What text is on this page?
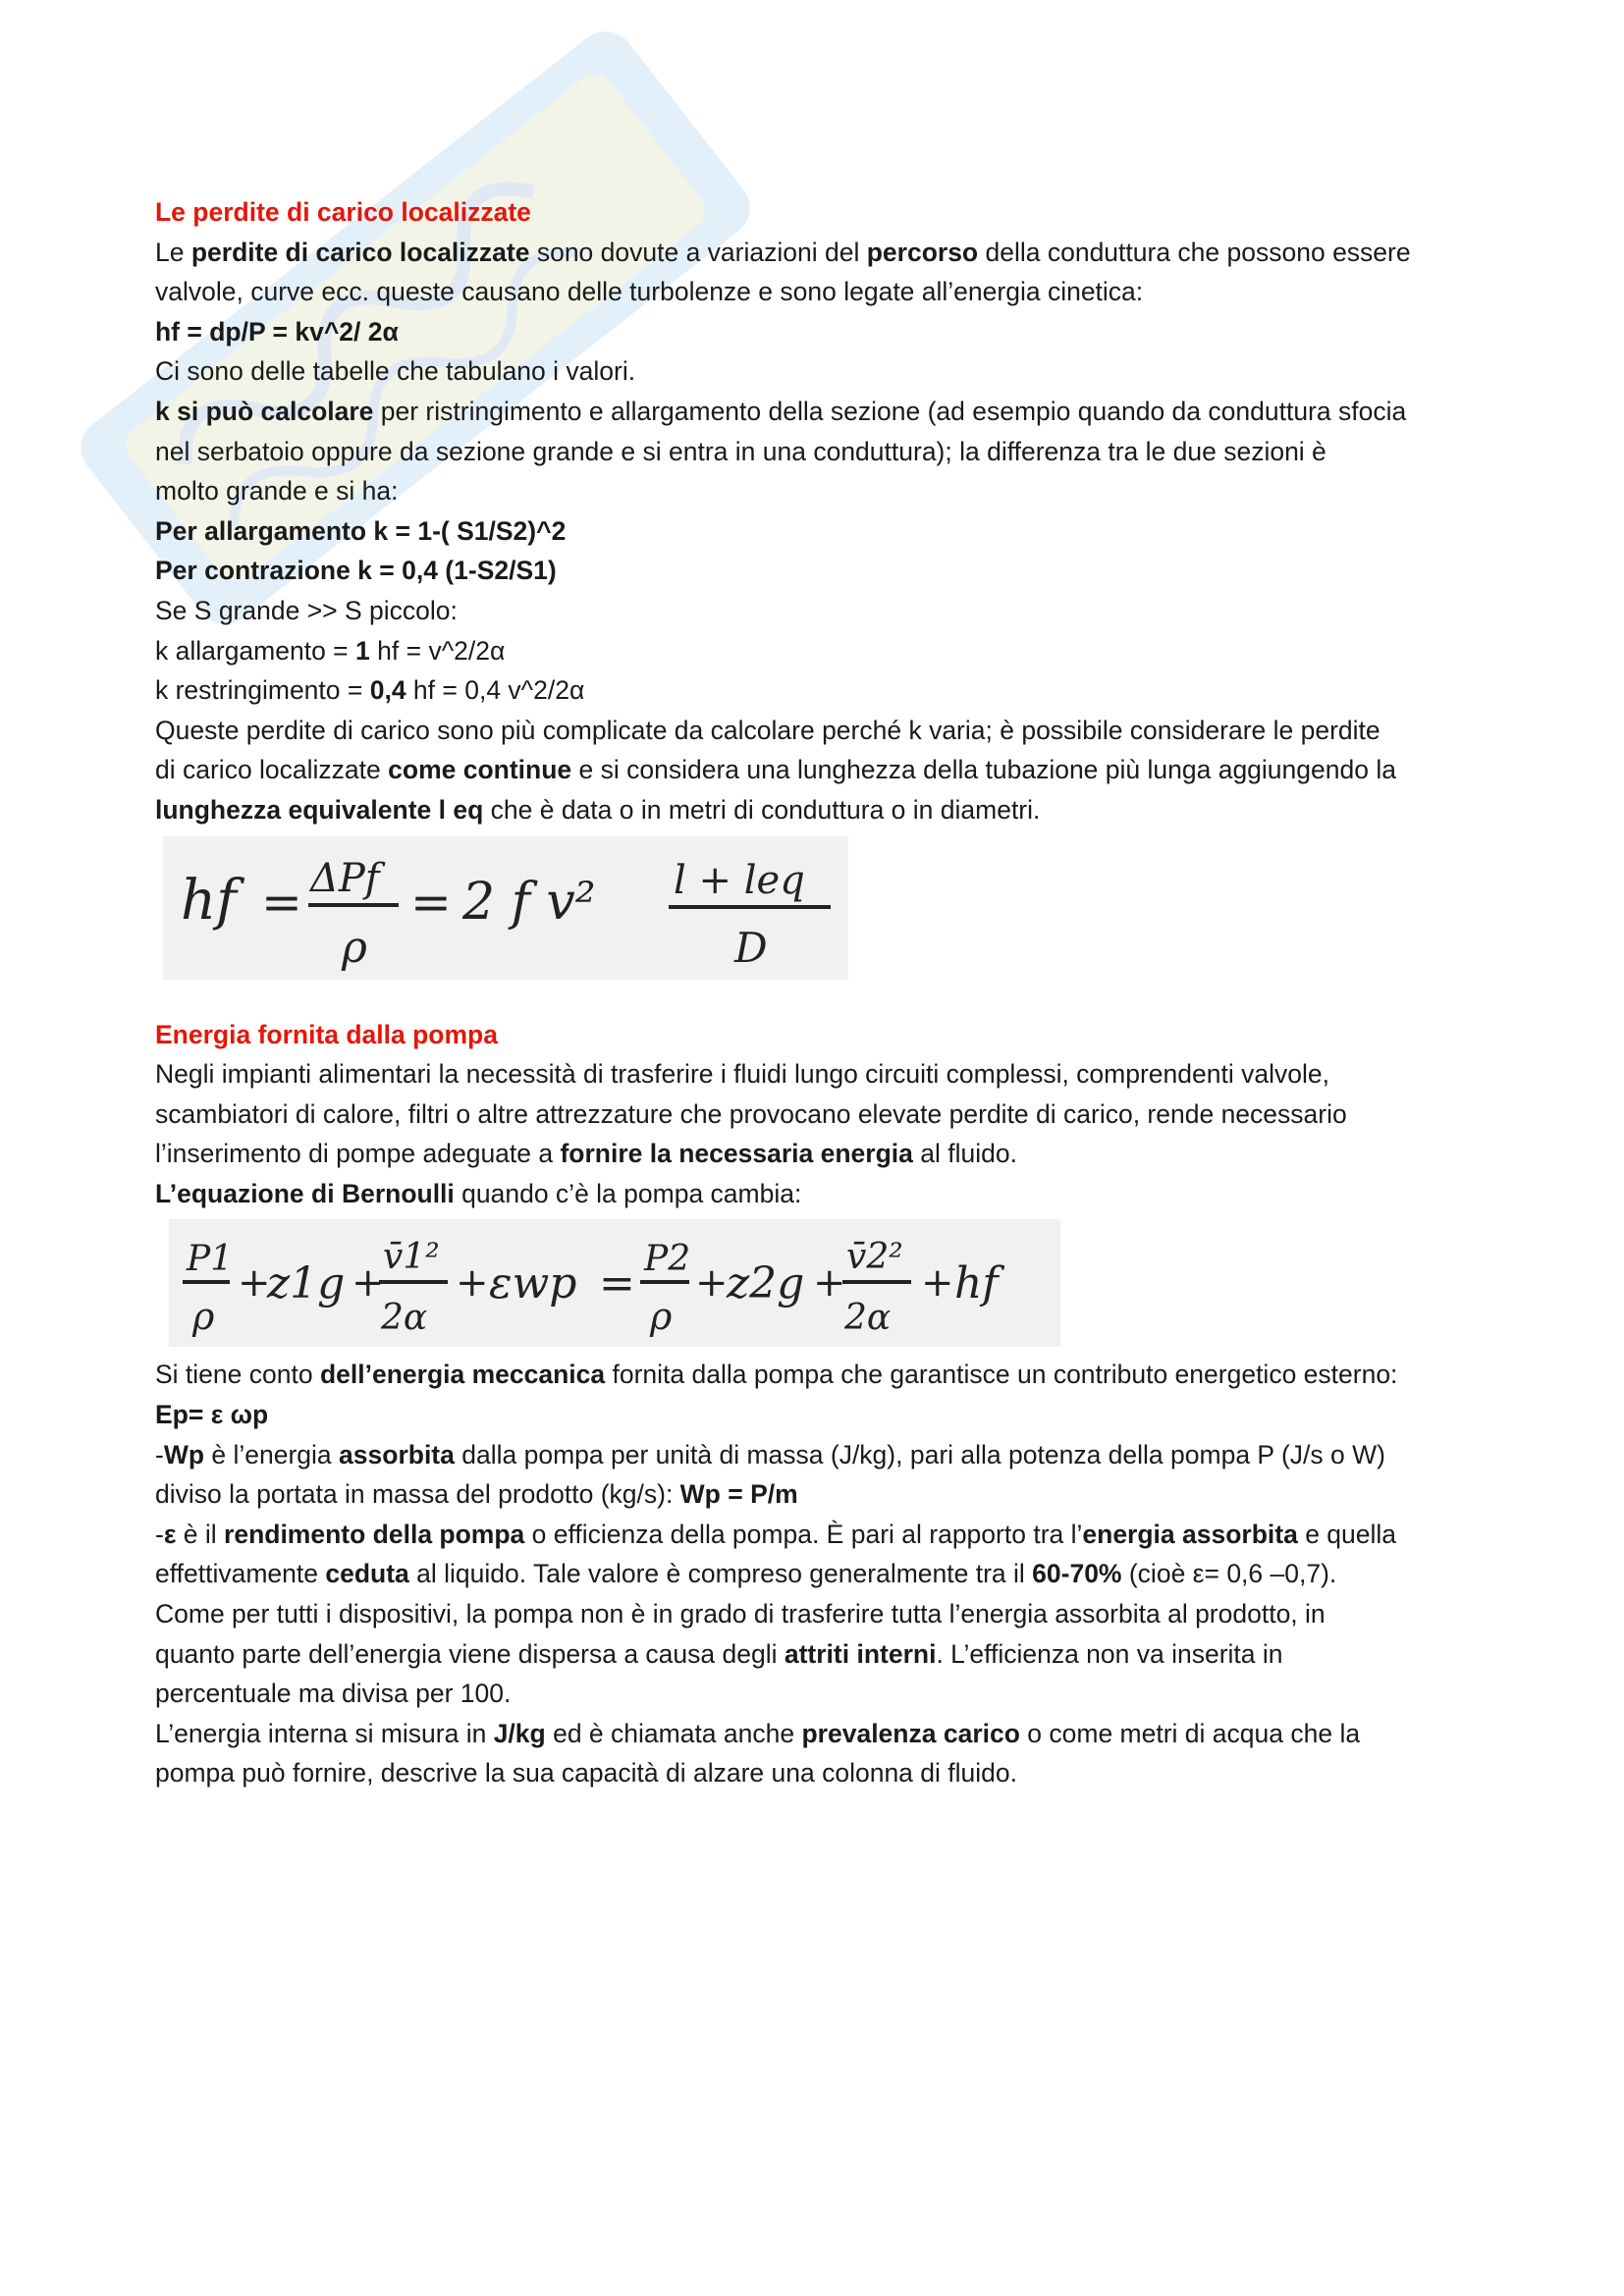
Le perdite di carico localizzate

Le perdite di carico localizzate sono dovute a variazioni del percorso della conduttura che possono essere

valvole, curve ecc. queste causano delle turbolenze e sono legate all’energia cinetica:

hf = dp/P = kv^2/ 2α

Ci sono delle tabelle che tabulano i valori.

k si può calcolare per ristringimento e allargamento della sezione (ad esempio quando da conduttura sfocia

nel serbatoio oppure da sezione grande e si entra in una conduttura); la differenza tra le due sezioni è

molto grande e si ha:

Per allargamento k = 1-( S1/S2)^2

Per contrazione k = 0,4 (1-S2/S1)

Se S grande >> S piccolo:

k allargamento = 1 hf = v^2/2α

k restringimento = 0,4 hf = 0,4 v^2/2α

Queste perdite di carico sono più complicate da calcolare perché k varia; è possibile considerare le perdite

di carico localizzate come continue e si considera una lunghezza della tubazione più lunga aggiungendo la

lunghezza equivalente l eq che è data o in metri di conduttura o in diametri.

hf = ΔPf
ρ
= 2 f v² l + leq
D

Energia fornita dalla pompa

Negli impianti alimentari la necessità di trasferire i fluidi lungo circuiti complessi, comprendenti valvole,

scambiatori di calore, filtri o altre attrezzature che provocano elevate perdite di carico, rende necessario

l’inserimento di pompe adeguate a fornire la necessaria energia al fluido.

L’equazione di Bernoulli quando c’è la pompa cambia:

P1
ρ
+
z1g +
v̄1²
2α
+ εwp = P2
ρ
+
z2g +
v̄2²
2α
+ hf

Si tiene conto dell’energia meccanica fornita dalla pompa che garantisce un contributo energetico esterno:

Ep= ε ωp

-Wp è l’energia assorbita dalla pompa per unità di massa (J/kg), pari alla potenza della pompa P (J/s o W)

diviso la portata in massa del prodotto (kg/s): Wp = P/m

-ε è il rendimento della pompa o efficienza della pompa. È pari al rapporto tra l’energia assorbita e quella

effettivamente ceduta al liquido. Tale valore è compreso generalmente tra il 60-70% (cioè ε= 0,6 –0,7).

Come per tutti i dispositivi, la pompa non è in grado di trasferire tutta l’energia assorbita al prodotto, in

quanto parte dell’energia viene dispersa a causa degli attriti interni. L’efficienza non va inserita in

percentuale ma divisa per 100.

L’energia interna si misura in J/kg ed è chiamata anche prevalenza carico o come metri di acqua che la

pompa può fornire, descrive la sua capacità di alzare una colonna di fluido.
